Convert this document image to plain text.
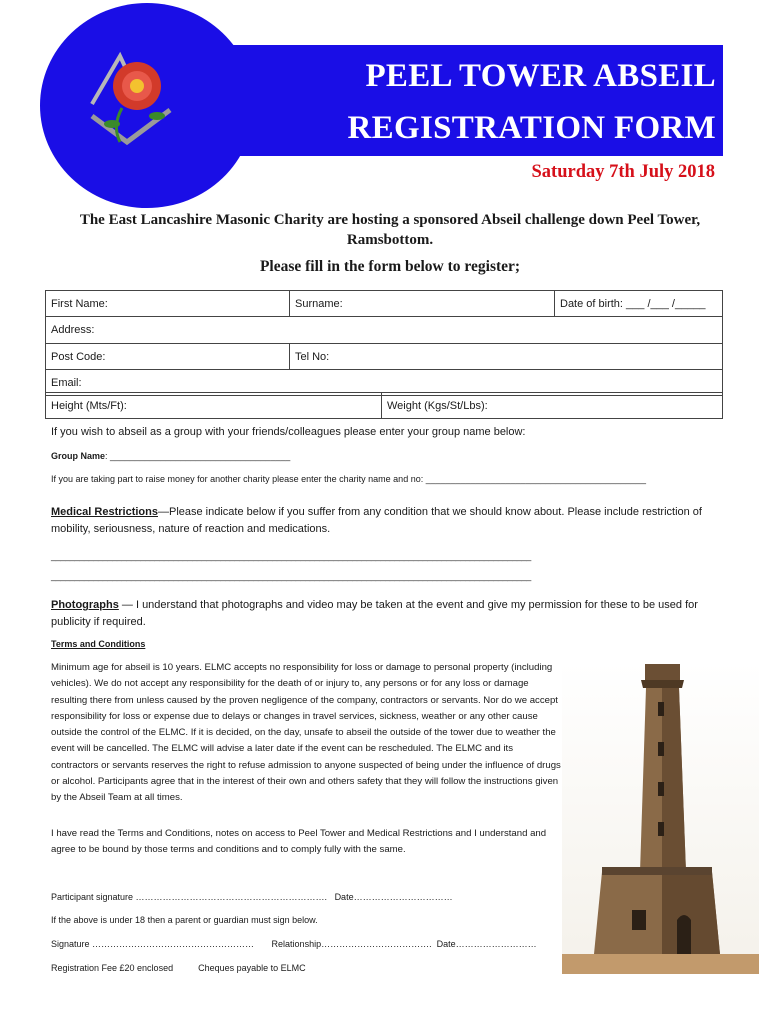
PEEL TOWER ABSEIL
REGISTRATION FORM
Saturday 7th July 2018
The East Lancashire Masonic Charity are hosting a sponsored Abseil challenge down Peel Tower, Ramsbottom.
Please fill in the form below to register;
First Name:	Surname:	Date of birth: ___ /___ /_____
Address:		
Post Code:	Tel No:	
Email:		
Height (Mts/Ft):	Weight (Kgs/St/Lbs):
If you wish to abseil as a group with your friends/colleagues please enter your group name below:
Group Name: ____________________________________
If you are taking part to raise money for another charity please enter the charity name and no: ____________________________________________
Medical Restrictions—Please indicate below if you suffer from any condition that we should know about. Please include restriction of mobility, seriousness, nature of reaction and medications.
______________________________________________________________________________________________________
______________________________________________________________________________________________________
Photographs — I understand that photographs and video may be taken at the event and give my permission for these to be used for publicity if required.
Terms and Conditions
Minimum age for abseil is 10 years. ELMC accepts no responsibility for loss or damage to personal property (including vehicles). We do not accept any responsibility for the death of or injury to, any persons or for any loss or damage resulting there from unless caused by the proven negligence of the company, contractors or servants. Nor do we accept responsibility for loss or expense due to delays or changes in travel services, sickness, weather or any other cause outside the control of the ELMC. If it is decided, on the day, unsafe to abseil the outside of the tower due to weather the event will be cancelled. The ELMC will advise a later date if the event can be rescheduled. The ELMC and its contractors or servants reserves the right to refuse admission to anyone suspected of being under the influence of drugs or alcohol. Participants agree that in the interest of their own and others safety that they will follow the instructions given by the Abseil Team at all times.
I have read the Terms and Conditions, notes on access to Peel Tower and Medical Restrictions and I understand and agree to be bound by those terms and conditions and to comply fully with the same.
Participant signature ………………………………………………………. Date……………………………
If the above is under 18 then a parent or guardian must sign below.
Signature ……………………………………………… Relationship………………………………. Date………………………
Registration Fee £20 enclosed	Cheques payable to ELMC
